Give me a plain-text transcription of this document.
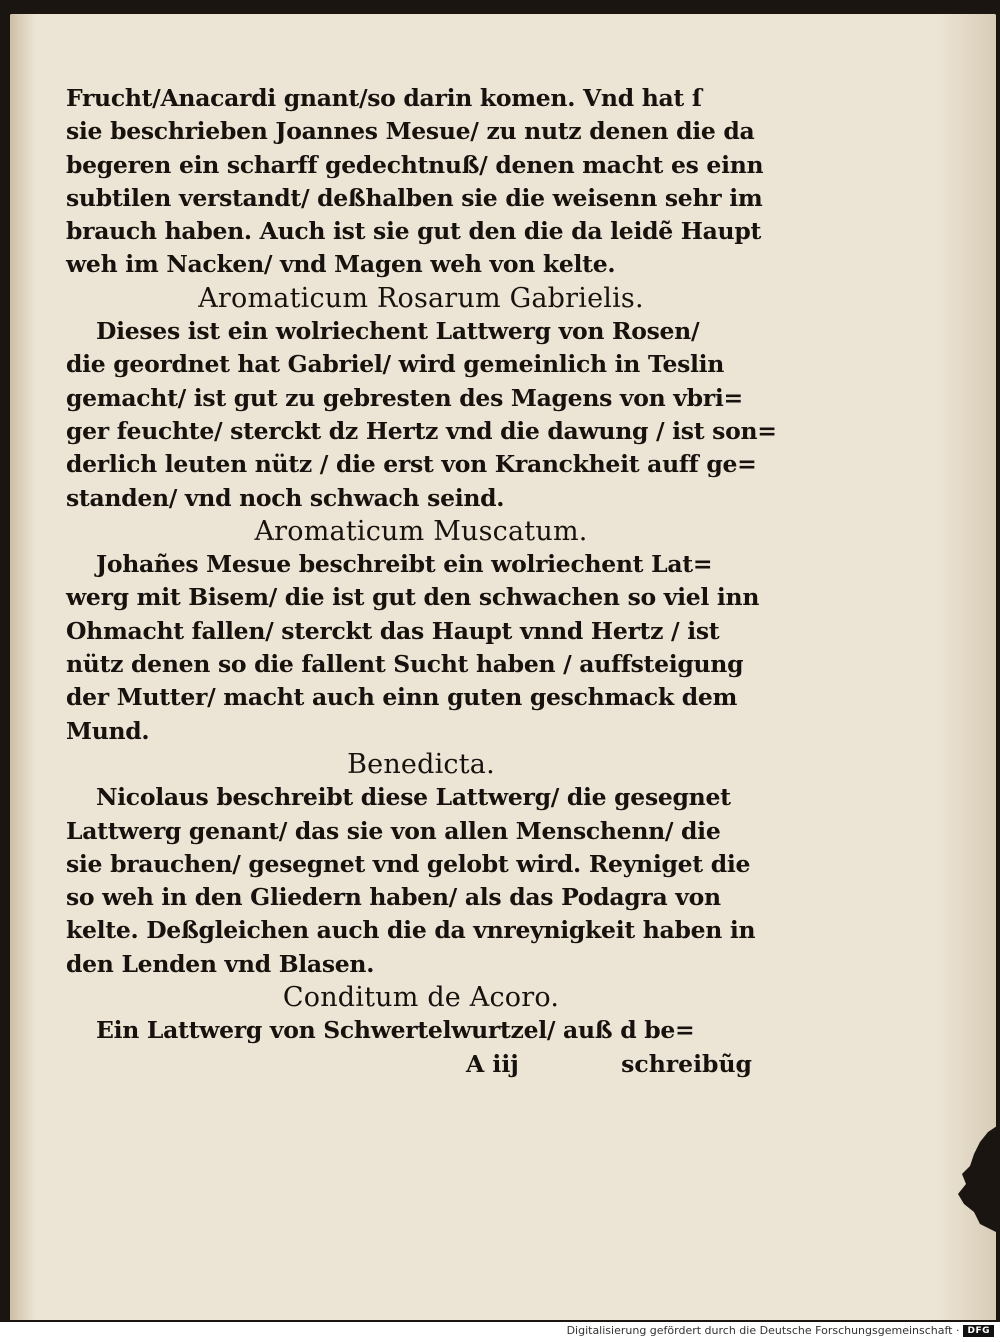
Frucht/Anacardi gnant/so darin komen. Vnd hat ſ
sie beschrieben Joannes Mesue/ zu nutz denen die da
begeren ein scharff gedechtnuß/ denen macht es einn
subtilen verstandt/ deßhalben sie die weisenn sehr im
brauch haben. Auch ist sie gut den die da leidẽ Haupt
weh im Nacken/ vnd Magen weh von kelte.
Aromaticum Rosarum Gabrielis.
Dieses ist ein wolriechent Lattwerg von Rosen/
die geordnet hat Gabriel/ wird gemeinlich in Teslin
gemacht/ ist gut zu gebresten des Magens von vbri=
ger feuchte/ sterckt dz Hertz vnd die dawung / ist son=
derlich leuten nütz / die erst von Kranckheit auff ge=
standen/ vnd noch schwach seind.
Aromaticum Muscatum.
Johañes Mesue beschreibt ein wolriechent Lat=
werg mit Bisem/ die ist gut den schwachen so viel inn
Ohmacht fallen/ sterckt das Haupt vnnd Hertz / ist
nütz denen so die fallent Sucht haben / auffsteigung
der Mutter/ macht auch einn guten geschmack dem
Mund.
Benedicta.
Nicolaus beschreibt diese Lattwerg/ die gesegnet
Lattwerg genant/ das sie von allen Menschenn/ die
sie brauchen/ gesegnet vnd gelobt wird. Reyniget die
so weh in den Gliedern haben/ als das Podagra von
kelte. Deßgleichen auch die da vnreynigkeit haben in
den Lenden vnd Blasen.
Conditum de Acoro.
Ein Lattwerg von Schwertelwurtzel/ auß d be=
A iij	schreibũg
Digitalisierung gefördert durch die Deutsche Forschungsgemeinschaft · DFG
